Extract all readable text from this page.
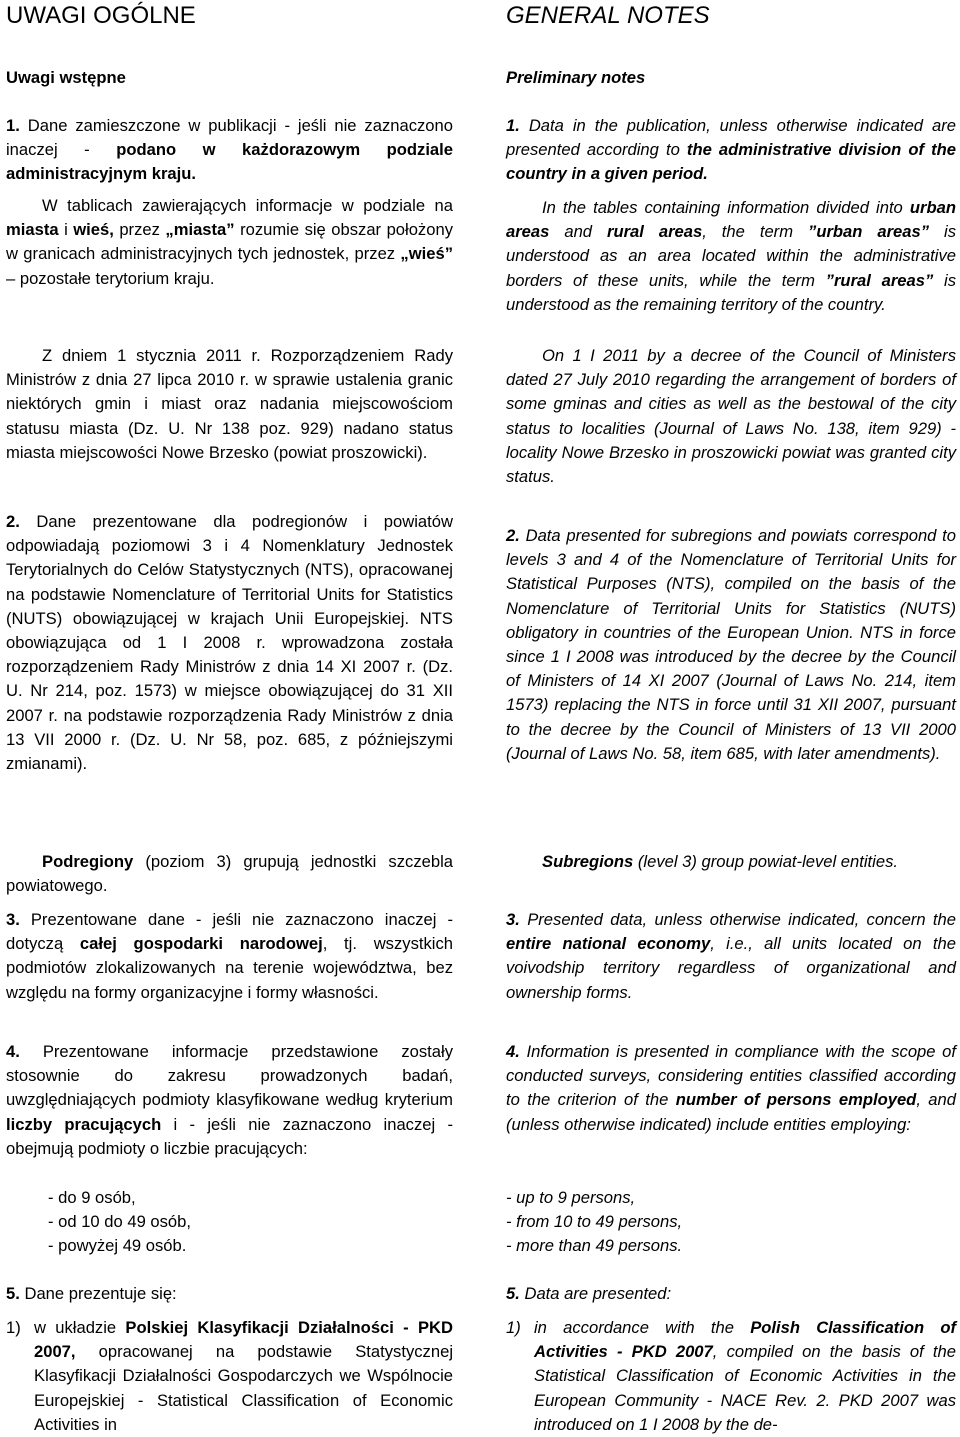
UWAGI OGÓLNE

Uwagi wstępne

1. Dane zamieszczone w publikacji - jeśli nie zaznaczono inaczej - podano w każdorazowym podziale administracyjnym kraju.

W tablicach zawierających informacje w podziale na miasta i wieś, przez „miasta” rozumie się obszar położony w granicach administracyjnych tych jednostek, przez „wieś” – pozostałe terytorium kraju.

Z dniem 1 stycznia 2011 r. Rozporządzeniem Rady Ministrów z dnia 27 lipca 2010 r. w sprawie ustalenia granic niektórych gmin i miast oraz nadania miejscowościom statusu miasta (Dz. U. Nr 138 poz. 929) nadano status miasta miejscowości Nowe Brzesko (powiat proszowicki).

2. Dane prezentowane dla podregionów i powiatów odpowiadają poziomowi 3 i 4 Nomenklatury Jednostek Terytorialnych do Celów Statystycznych (NTS), opracowanej na podstawie Nomenclature of Territorial Units for Statistics (NUTS) obowiązującej w krajach Unii Europejskiej. NTS obowiązująca od 1 I 2008 r. wprowadzona została rozporządzeniem Rady Ministrów z dnia 14 XI 2007 r. (Dz. U. Nr 214, poz. 1573) w miejsce obowiązującej do 31 XII 2007 r. na podstawie rozporządzenia Rady Ministrów z dnia 13 VII 2000 r. (Dz. U. Nr 58, poz. 685, z późniejszymi zmianami).

Podregiony (poziom 3) grupują jednostki szczebla powiatowego.

3. Prezentowane dane - jeśli nie zaznaczono inaczej - dotyczą całej gospodarki narodowej, tj. wszystkich podmiotów zlokalizowanych na terenie województwa, bez względu na formy organizacyjne i formy własności.

4. Prezentowane informacje przedstawione zostały stosownie do zakresu prowadzonych badań, uwzględniających podmioty klasyfikowane według kryterium liczby pracujących i - jeśli nie zaznaczono inaczej - obejmują podmioty o liczbie pracujących:

- do 9 osób,
- od 10 do 49 osób,
- powyżej 49 osób.

5. Dane prezentuje się:

1) w układzie Polskiej Klasyfikacji Działalności - PKD 2007, opracowanej na podstawie Statystycznej Klasyfikacji Działalności Gospodarczych we Wspólnocie Europejskiej - Statistical Classification of Economic Activities in

GENERAL NOTES

Preliminary notes

1. Data in the publication, unless otherwise indicated are presented according to the administrative division of the country in a given period.

In the tables containing information divided into urban areas and rural areas, the term ”urban areas” is understood as an area located within the administrative borders of these units, while the term ”rural areas” is understood as the remaining territory of the country.

On 1 I 2011 by a decree of the Council of Ministers dated 27 July 2010 regarding the arrangement of borders of some gminas and cities as well as the bestowal of the city status to localities (Journal of Laws No. 138, item 929) - locality Nowe Brzesko in proszowicki powiat was granted city status.

2. Data presented for subregions and powiats correspond to levels 3 and 4 of the Nomenclature of Territorial Units for Statistical Purposes (NTS), compiled on the basis of the Nomenclature of Territorial Units for Statistics (NUTS) obligatory in countries of the European Union. NTS in force since 1 I 2008 was introduced by the decree by the Council of Ministers of 14 XI 2007 (Journal of Laws No. 214, item 1573) replacing the NTS in force until 31 XII 2007, pursuant to the decree by the Council of Ministers of 13 VII 2000 (Journal of Laws No. 58, item 685, with later amendments).

Subregions (level 3) group powiat-level entities.

3. Presented data, unless otherwise indicated, concern the entire national economy, i.e., all units located on the voivodship territory regardless of organizational and ownership forms.

4. Information is presented in compliance with the scope of conducted surveys, considering entities classified according to the criterion of the number of persons employed, and (unless otherwise indicated) include entities employing:

- up to 9 persons,
- from 10 to 49 persons,
- more than 49 persons.

5. Data are presented:

1) in accordance with the Polish Classification of Activities - PKD 2007, compiled on the basis of the Statistical Classification of Economic Activities in the European Community - NACE Rev. 2. PKD 2007 was introduced on 1 I 2008 by the de-
